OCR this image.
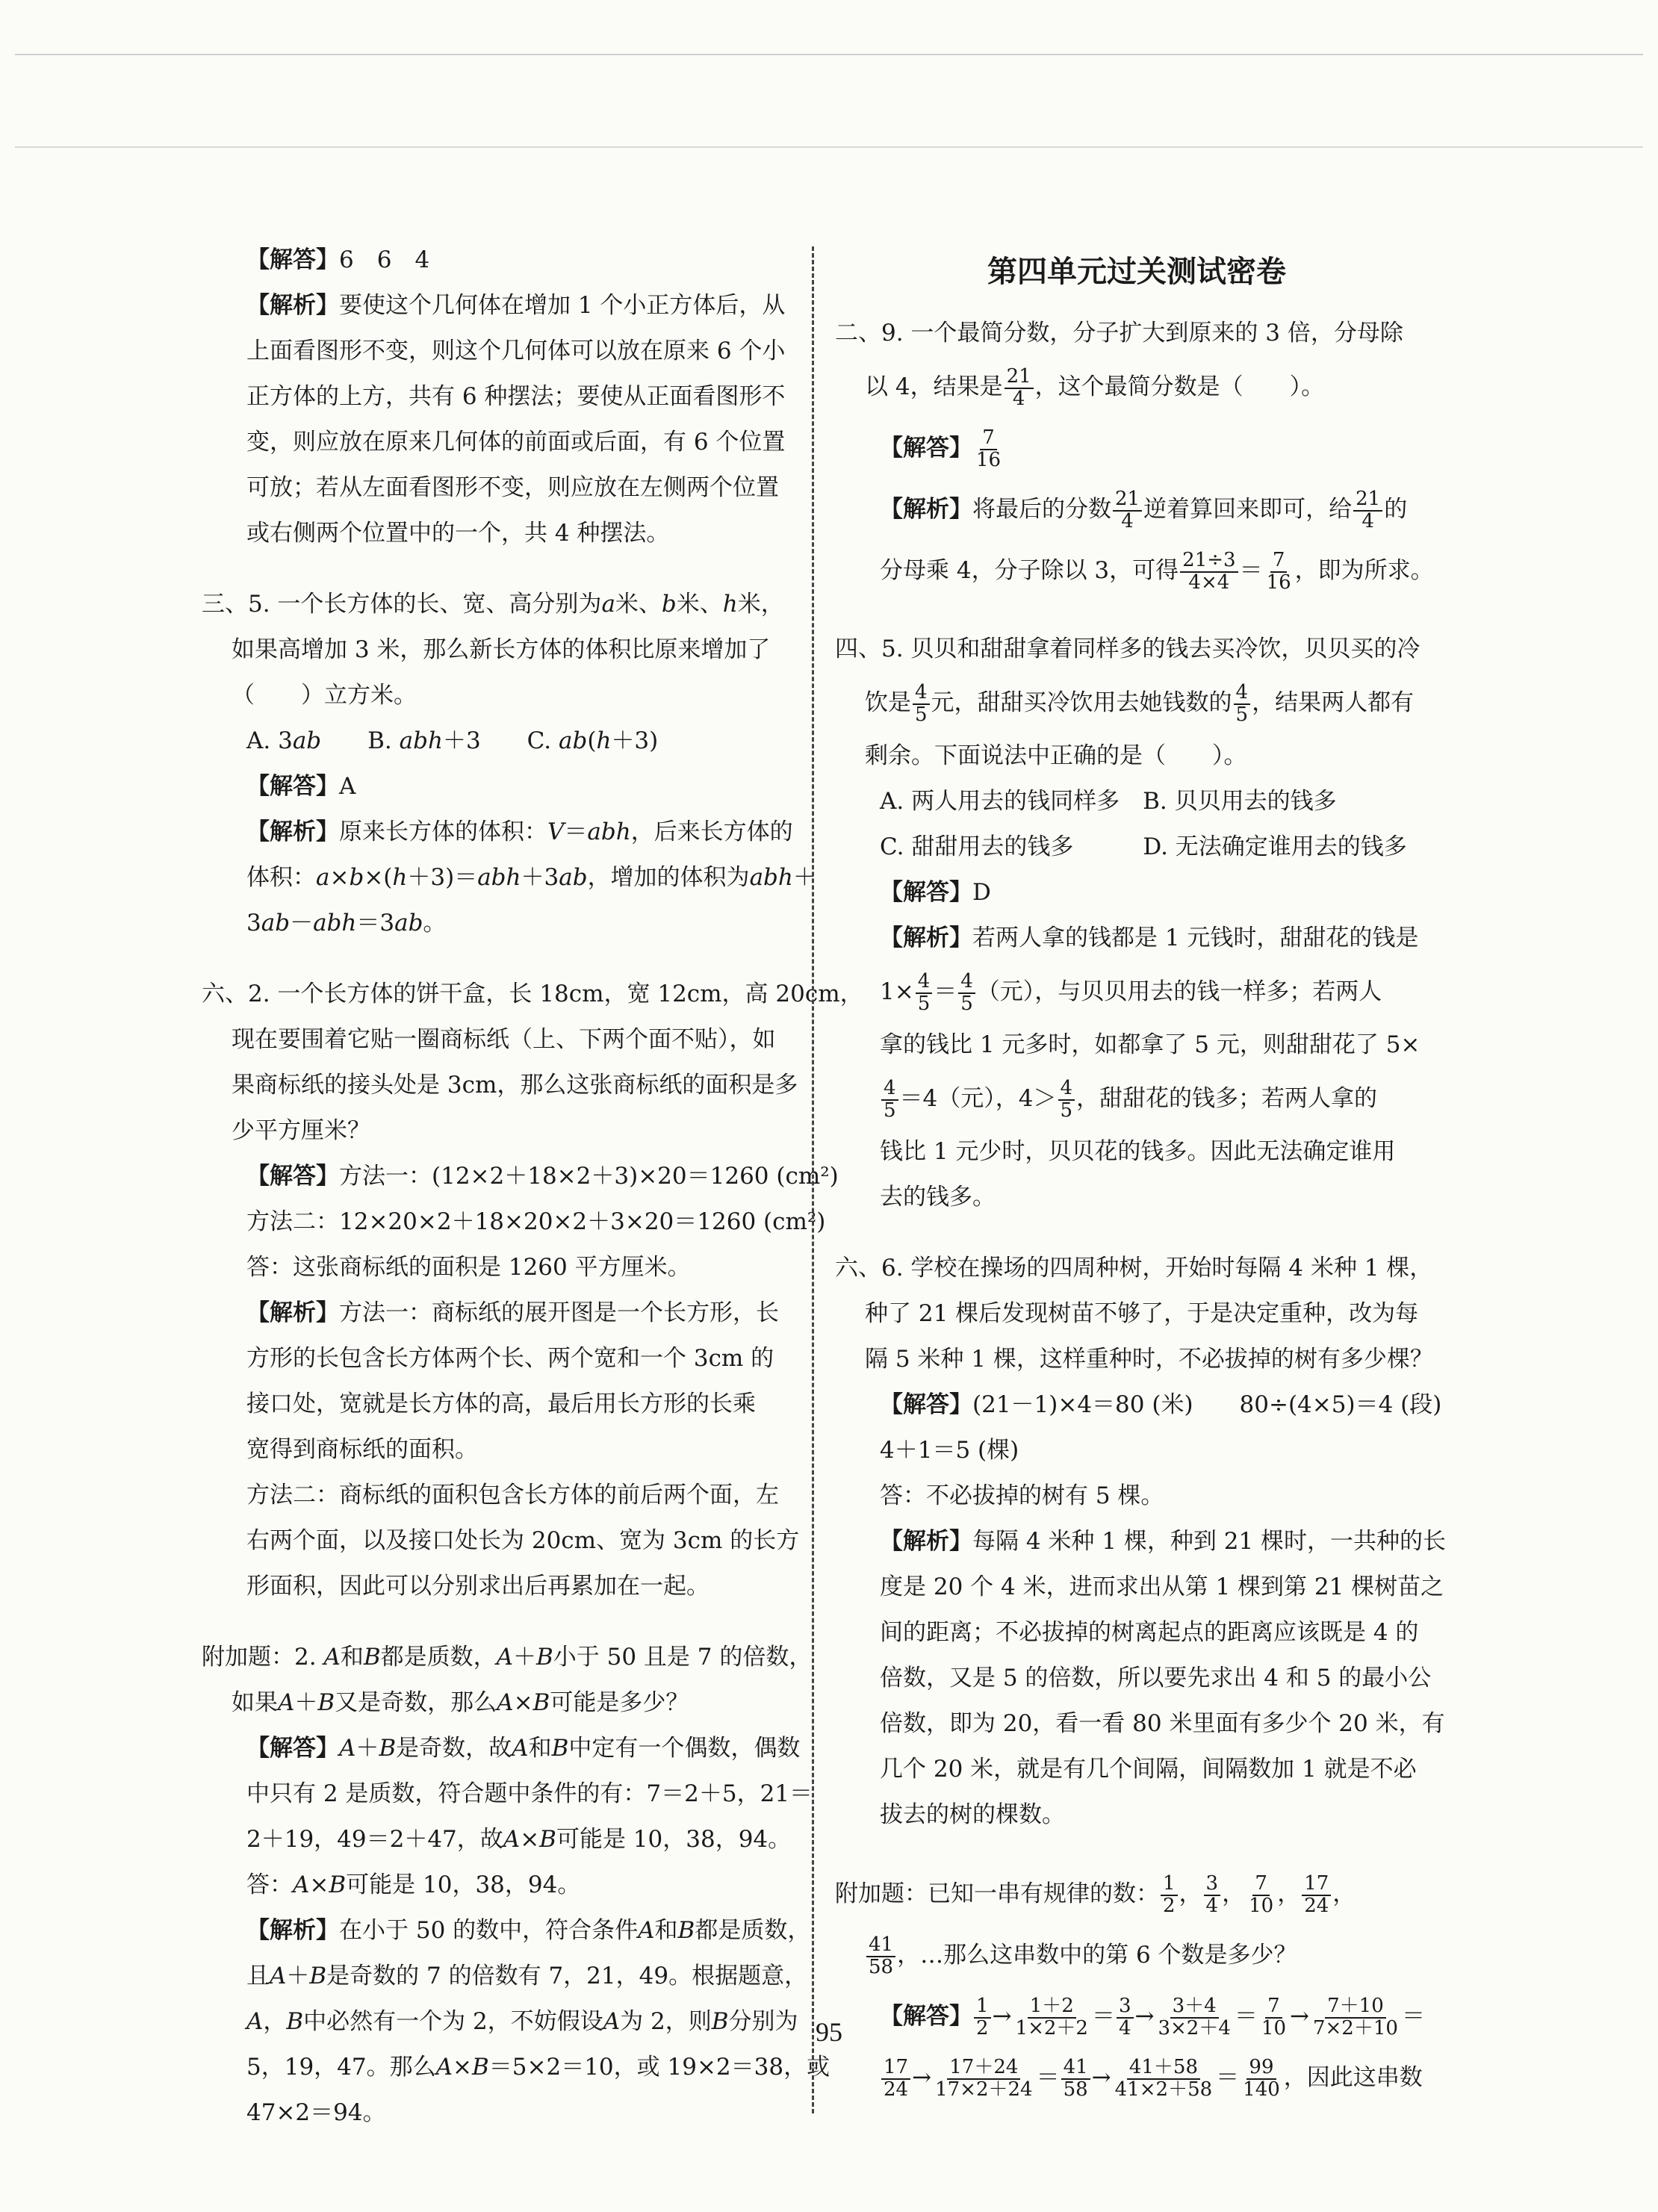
【解答】6　6　4
【解析】要使这个几何体在增加 1 个小正方体后，从
上面看图形不变，则这个几何体可以放在原来 6 个小
正方体的上方，共有 6 种摆法；要使从正面看图形不
变，则应放在原来几何体的前面或后面，有 6 个位置
可放；若从左面看图形不变，则应放在左侧两个位置
或右侧两个位置中的一个，共 4 种摆法。
三、5. 一个长方体的长、宽、高分别为a米、b米、h米，
如果高增加 3 米，那么新长方体的体积比原来增加了
（　　）立方米。
A. 3ab　　B. abh＋3　　C. ab(h＋3)
【解答】A
【解析】原来长方体的体积：V＝abh，后来长方体的
体积：a×b×(h＋3)＝abh＋3ab，增加的体积为abh＋
3ab－abh＝3ab。
六、2. 一个长方体的饼干盒，长 18cm，宽 12cm，高 20cm，
现在要围着它贴一圈商标纸（上、下两个面不贴），如
果商标纸的接头处是 3cm，那么这张商标纸的面积是多
少平方厘米？
【解答】方法一：(12×2＋18×2＋3)×20＝1260 (cm²)
方法二：12×20×2＋18×20×2＋3×20＝1260 (cm²)
答：这张商标纸的面积是 1260 平方厘米。
【解析】方法一：商标纸的展开图是一个长方形，长
方形的长包含长方体两个长、两个宽和一个 3cm 的
接口处，宽就是长方体的高，最后用长方形的长乘
宽得到商标纸的面积。
方法二：商标纸的面积包含长方体的前后两个面，左
右两个面，以及接口处长为 20cm、宽为 3cm 的长方
形面积，因此可以分别求出后再累加在一起。
附加题：2. A和B都是质数，A＋B小于 50 且是 7 的倍数，
如果A＋B又是奇数，那么A×B可能是多少？
【解答】A＋B是奇数，故A和B中定有一个偶数，偶数
中只有 2 是质数，符合题中条件的有：7＝2＋5，21＝
2＋19，49＝2＋47，故A×B可能是 10，38，94。
答：A×B可能是 10，38，94。
【解析】在小于 50 的数中，符合条件A和B都是质数，
且A＋B是奇数的 7 的倍数有 7，21，49。根据题意，
A，B中必然有一个为 2，不妨假设A为 2，则B分别为
5，19，47。那么A×B＝5×2＝10，或 19×2＝38，或
47×2＝94。
第四单元过关测试密卷
二、9. 一个最简分数，分子扩大到原来的 3 倍，分母除
以 4，结果是 $\frac{21}{4}$ ，这个最简分数是（　　）。
【解答】 $\frac{7}{16}$
【解析】将最后的分数 $\frac{21}{4}$ 逆着算回来即可，给 $\frac{21}{4}$ 的
分母乘 4，分子除以 3，可得 $\frac{21\div 3}{4\times 4} = \frac{7}{16}$ ，即为所求。
四、5. 贝贝和甜甜拿着同样多的钱去买冷饮，贝贝买的冷
饮是 $\frac{4}{5}$ 元，甜甜买冷饮用去她钱数的 $\frac{4}{5}$ ，结果两人都有
剩余。下面说法中正确的是（　　）。
A. 两人用去的钱同样多　B. 贝贝用去的钱多
C. 甜甜用去的钱多　　　D. 无法确定谁用去的钱多
【解答】D
【解析】若两人拿的钱都是 1 元钱时，甜甜花的钱是
$1\times \frac{4}{5} = \frac{4}{5}$ （元），与贝贝用去的钱一样多；若两人
拿的钱比 1 元多时，如都拿了 5 元，则甜甜花了 5×
$\frac{4}{5} =4$（元），$4> \frac{4}{5}$ ，甜甜花的钱多；若两人拿的
钱比 1 元少时，贝贝花的钱多。因此无法确定谁用
去的钱多。
六、6. 学校在操场的四周种树，开始时每隔 4 米种 1 棵，
种了 21 棵后发现树苗不够了，于是决定重种，改为每
隔 5 米种 1 棵，这样重种时，不必拔掉的树有多少棵？
【解答】(21－1)×4＝80 (米)　　80÷(4×5)＝4 (段)
4＋1＝5 (棵)
答：不必拔掉的树有 5 棵。
【解析】每隔 4 米种 1 棵，种到 21 棵时，一共种的长
度是 20 个 4 米，进而求出从第 1 棵到第 21 棵树苗之
间的距离；不必拔掉的树离起点的距离应该既是 4 的
倍数，又是 5 的倍数，所以要先求出 4 和 5 的最小公
倍数，即为 20，看一看 80 米里面有多少个 20 米，有
几个 20 米，就是有几个间隔，间隔数加 1 就是不必
拔去的树的棵数。
附加题：已知一串有规律的数： $\frac{1}{2}$ ， $\frac{3}{4}$ ， $\frac{7}{10}$ ， $\frac{17}{24}$ ，
$\frac{41}{58}$ ，…那么这串数中的第 6 个数是多少？
【解答】 $\frac{1}{2} \to \frac{1+2}{1\times 2+2} = \frac{3}{4} \to \frac{3+4}{3\times 2+4} = \frac{7}{10} \to \frac{7+10}{7\times 2+10}$ ＝
$\frac{17}{24} \to \frac{17+24}{17\times 2+24} = \frac{41}{58} \to \frac{41+58}{41\times 2+58} = \frac{99}{140}$ ，因此这串数
95
